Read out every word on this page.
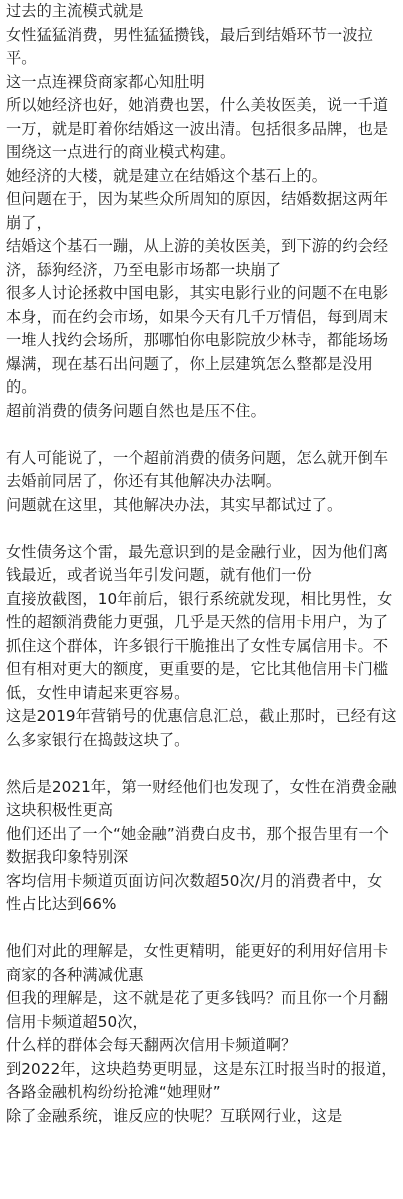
过去的主流模式就是

女性猛猛消费，男性猛猛攒钱，最后到结婚环节一波拉平。

这一点连裸贷商家都心知肚明

所以她经济也好，她消费也罢，什么美妆医美，说一千道一万，就是盯着你结婚这一波出清。包括很多品牌，也是围绕这一点进行的商业模式构建。

她经济的大楼，就是建立在结婚这个基石上的。

但问题在于，因为某些众所周知的原因，结婚数据这两年崩了，

结婚这个基石一蹦，从上游的美妆医美，到下游的约会经济，舔狗经济，乃至电影市场都一块崩了

很多人讨论拯救中国电影，其实电影行业的问题不在电影本身，而在约会市场，如果今天有几千万情侣，每到周末一堆人找约会场所，那哪怕你电影院放少林寺，都能场场爆满，现在基石出问题了，你上层建筑怎么整都是没用的。

超前消费的债务问题自然也是压不住。

有人可能说了，一个超前消费的债务问题，怎么就开倒车去婚前同居了，你还有其他解决办法啊。

问题就在这里，其他解决办法，其实早都试过了。

女性债务这个雷，最先意识到的是金融行业，因为他们离钱最近，或者说当年引发问题，就有他们一份

直接放截图，10年前后，银行系统就发现，相比男性，女性的超额消费能力更强，几乎是天然的信用卡用户，为了抓住这个群体，许多银行干脆推出了女性专属信用卡。不但有相对更大的额度，更重要的是，它比其他信用卡门槛低，女性申请起来更容易。

这是2019年营销号的优惠信息汇总，截止那时，已经有这么多家银行在捣鼓这块了。

然后是2021年，第一财经他们也发现了，女性在消费金融这块积极性更高

他们还出了一个“她金融”消费白皮书，那个报告里有一个数据我印象特别深

客均信用卡频道页面访问次数超50次/月的消费者中，女性占比达到66%

他们对此的理解是，女性更精明，能更好的利用好信用卡商家的各种满减优惠

但我的理解是，这不就是花了更多钱吗？而且你一个月翻信用卡频道超50次，

什么样的群体会每天翻两次信用卡频道啊？

到2022年，这块趋势更明显，这是东江时报当时的报道，各路金融机构纷纷抢滩“她理财”

除了金融系统，谁反应的快呢？互联网行业，这是
